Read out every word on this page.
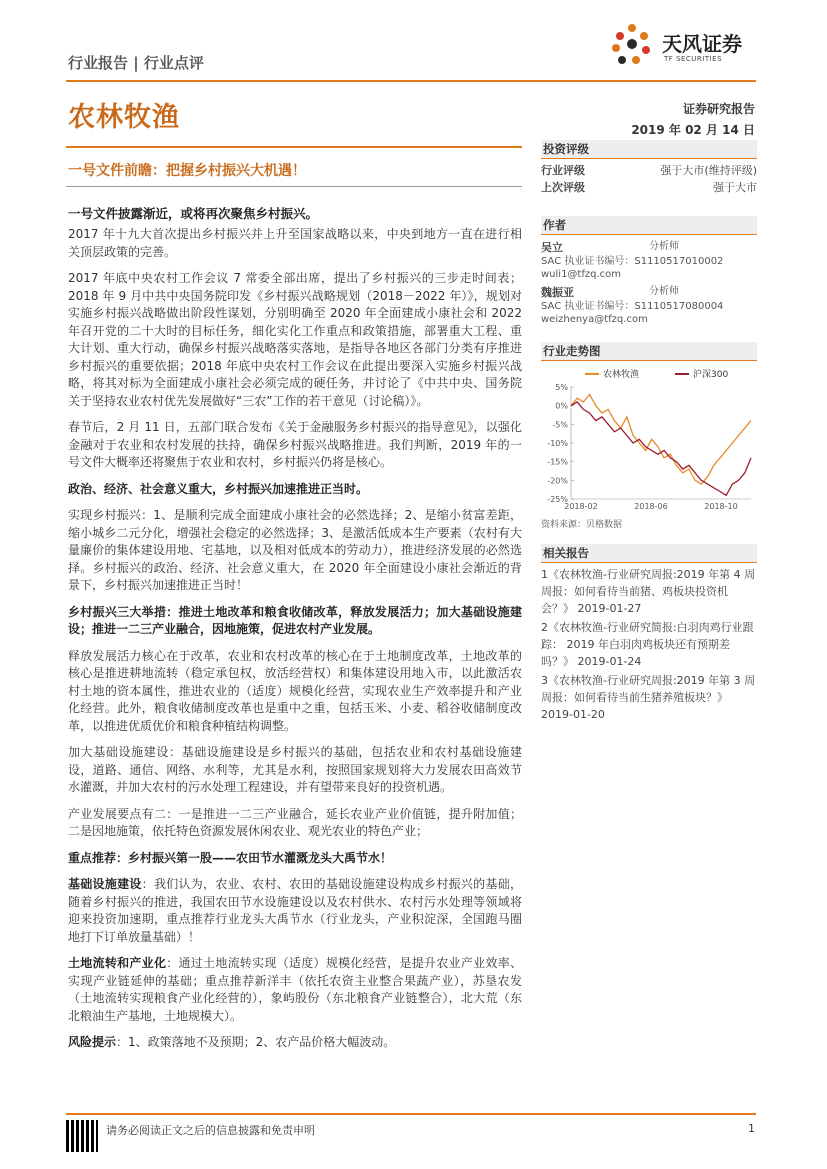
行业报告 | 行业点评
天风证券
TF SECURITIES
农林牧渔	证券研究报告
2019 年 02 月 14 日
一号文件前瞻：把握乡村振兴大机遇！
一号文件披露渐近，或将再次聚焦乡村振兴。

2017 年十九大首次提出乡村振兴并上升至国家战略以来，中央到地方一直在进行相关顶层政策的完善。

2017 年底中央农村工作会议 7 常委全部出席，提出了乡村振兴的三步走时间表；2018 年 9 月中共中央国务院印发《乡村振兴战略规划（2018－2022 年）》，规划对实施乡村振兴战略做出阶段性谋划，分别明确至 2020 年全面建成小康社会和 2022 年召开党的二十大时的目标任务，细化实化工作重点和政策措施，部署重大工程、重大计划、重大行动，确保乡村振兴战略落实落地，是指导各地区各部门分类有序推进乡村振兴的重要依据；2018 年底中央农村工作会议在此提出要深入实施乡村振兴战略，将其对标为全面建成小康社会必须完成的硬任务，并讨论了《中共中央、国务院关于坚持农业农村优先发展做好“三农”工作的若干意见（讨论稿）》。

春节后，2 月 11 日，五部门联合发布《关于金融服务乡村振兴的指导意见》，以强化金融对于农业和农村发展的扶持，确保乡村振兴战略推进。我们判断，2019 年的一号文件大概率还将聚焦于农业和农村，乡村振兴仍将是核心。

政治、经济、社会意义重大，乡村振兴加速推进正当时。

实现乡村振兴：1、是顺利完成全面建成小康社会的必然选择；2、是缩小贫富差距，缩小城乡二元分化，增强社会稳定的必然选择；3、是激活低成本生产要素（农村有大量廉价的集体建设用地、宅基地，以及相对低成本的劳动力），推进经济发展的必然选择。乡村振兴的政治、经济、社会意义重大，在 2020 年全面建设小康社会渐近的背景下，乡村振兴加速推进正当时！

乡村振兴三大举措：推进土地改革和粮食收储改革，释放发展活力；加大基础设施建设；推进一二三产业融合，因地施策，促进农村产业发展。

释放发展活力核心在于改革，农业和农村改革的核心在于土地制度改革，土地改革的核心是推进耕地流转（稳定承包权，放活经营权）和集体建设用地入市，以此激活农村土地的资本属性，推进农业的（适度）规模化经营，实现农业生产效率提升和产业化经营。此外，粮食收储制度改革也是重中之重，包括玉米、小麦、稻谷收储制度改革，以推进优质优价和粮食种植结构调整。

加大基础设施建设：基础设施建设是乡村振兴的基础，包括农业和农村基础设施建设，道路、通信、网络、水利等，尤其是水利，按照国家规划将大力发展农田高效节水灌溉，并加大农村的污水处理工程建设，并有望带来良好的投资机遇。

产业发展要点有二：一是推进一二三产业融合，延长农业产业价值链，提升附加值；二是因地施策，依托特色资源发展休闲农业、观光农业的特色产业；

重点推荐：乡村振兴第一股——农田节水灌溉龙头大禹节水！

基础设施建设：我们认为，农业、农村、农田的基础设施建设构成乡村振兴的基础，随着乡村振兴的推进，我国农田节水设施建设以及农村供水、农村污水处理等领域将迎来投资加速期，重点推荐行业龙头大禹节水（行业龙头，产业积淀深，全国跑马圈地打下订单放量基础）！

土地流转和产业化：通过土地流转实现（适度）规模化经营，是提升农业产业效率、实现产业链延伸的基础；重点推荐新洋丰（依托农资主业整合果蔬产业），苏垦农发（土地流转实现粮食产业化经营的），象屿股份（东北粮食产业链整合），北大荒（东北粮油生产基地，土地规模大）。

风险提示：1、政策落地不及预期；2、农产品价格大幅波动。

投资评级
行业评级	强于大市(维持评级)
上次评级	强于大市
作者
吴立	分析师
SAC 执业证书编号：S1110517010002
wuli1@tfzq.com
魏振亚	分析师
SAC 执业证书编号：S1110517080004
weizhenya@tfzq.com
行业走势图
5%
0%
-5%
-10%
-15%
-20%
-25%
2018-02	2018-06	2018-10
农林牧渔	沪深300
资料来源：贝格数据
相关报告
1《农林牧渔-行业研究周报:2019 年第 4 周周报：如何看待当前猪、鸡板块投资机会？》 2019-01-27
2《农林牧渔-行业研究简报:白羽肉鸡行业跟踪： 2019 年白羽肉鸡板块还有预期差吗？》 2019-01-24
3《农林牧渔-行业研究周报:2019 年第 3 周周报：如何看待当前生猪养殖板块？》 2019-01-20
请务必阅读正文之后的信息披露和免责申明	1
